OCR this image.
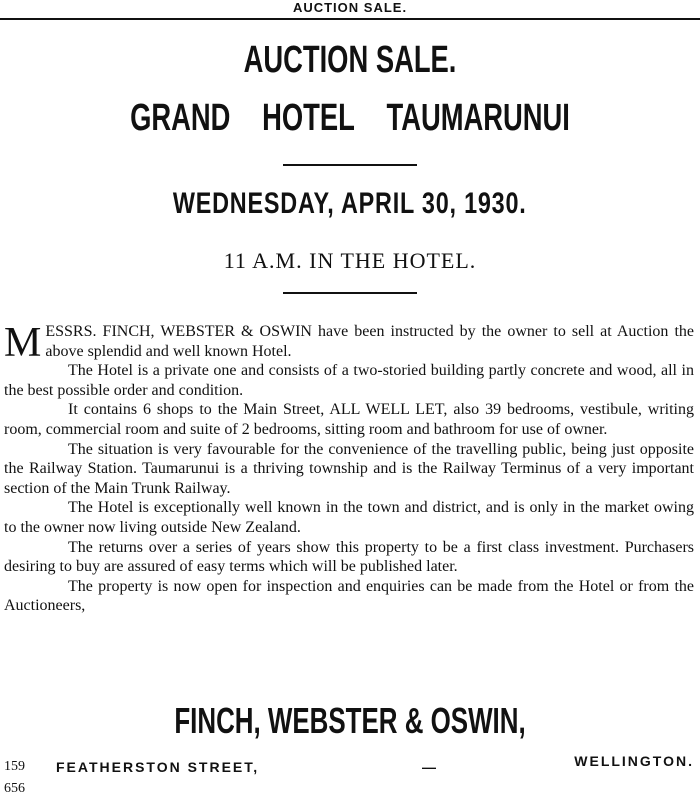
AUCTION SALE.
AUCTION SALE.
GRAND HOTEL TAUMARUNUI
WEDNESDAY, APRIL 30, 1930.
11 A.M. IN THE HOTEL.

MESSRS. FINCH, WEBSTER & OSWIN have been instructed by the owner to sell at Auction the above splendid and well known Hotel.

The Hotel is a private one and consists of a two-storied building partly concrete and wood, all in the best possible order and condition.

It contains 6 shops to the Main Street, ALL WELL LET, also 39 bedrooms, vestibule, writing room, commercial room and suite of 2 bedrooms, sitting room and bathroom for use of owner.

The situation is very favourable for the convenience of the travelling public, being just opposite the Railway Station. Taumarunui is a thriving township and is the Railway Terminus of a very important section of the Main Trunk Railway.

The Hotel is exceptionally well known in the town and district, and is only in the market owing to the owner now living outside New Zealand.

The returns over a series of years show this property to be a first class investment. Purchasers desiring to buy are assured of easy terms which will be published later.

The property is now open for inspection and enquiries can be made from the Hotel or from the Auctioneers,

FINCH, WEBSTER & OSWIN,
159 FEATHERSTON STREET,	—	WELLINGTON.
656
